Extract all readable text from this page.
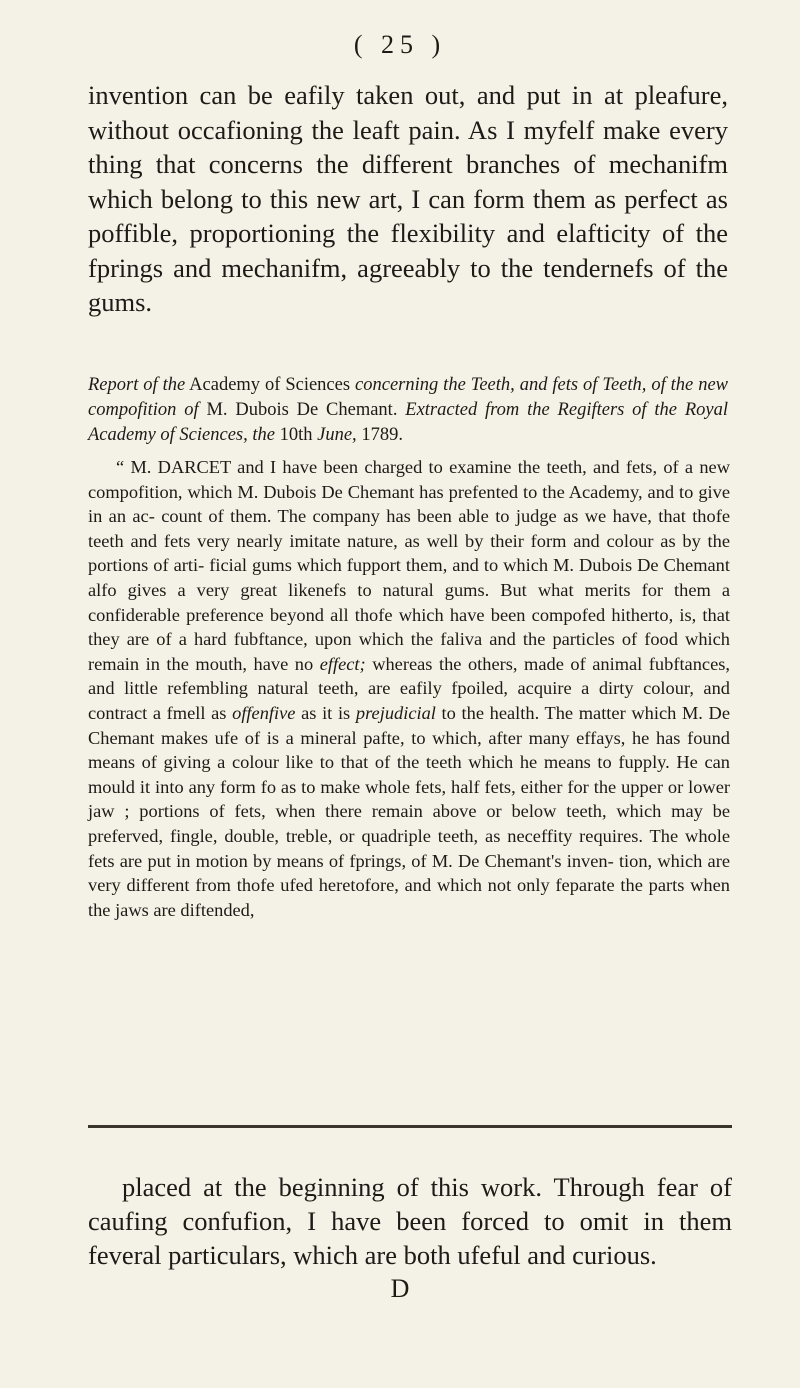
( 25 )

invention can be eafily taken out, and put in at pleafure, without occafioning the leaft pain. As I myfelf make every thing that concerns the different branches of mechanifm which belong to this new art, I can form them as perfect as poffible, proportioning the flexibility and elafticity of the fprings and mechanifm, agreeably to the tendernefs of the gums.

Report of the Academy of Sciences concerning the Teeth, and fets of Teeth, of the new compofition of M. Dubois De Chemant. Extracted from the Regifters of the Royal Academy of Sciences, the 10th June, 1789.

“ M. DARCET and I have been charged to examine the teeth, and fets, of a new compofition, which M. Dubois De Chemant has prefented to the Academy, and to give in an ac- count of them. The company has been able to judge as we have, that thofe teeth and fets very nearly imitate nature, as well by their form and colour as by the portions of arti- ficial gums which fupport them, and to which M. Dubois De Chemant alfo gives a very great likenefs to natural gums. But what merits for them a confiderable preference beyond all thofe which have been compofed hitherto, is, that they are of a hard fubftance, upon which the faliva and the particles of food which remain in the mouth, have no effect; whereas the others, made of animal fubftances, and little refembling natural teeth, are eafily fpoiled, acquire a dirty colour, and contract a fmell as offenfive as it is prejudicial to the health. The matter which M. De Chemant makes ufe of is a mineral pafte, to which, after many effays, he has found means of giving a colour like to that of the teeth which he means to fupply. He can mould it into any form fo as to make whole fets, half fets, either for the upper or lower jaw ; portions of fets, when there remain above or below teeth, which may be preferved, fingle, double, treble, or quadriple teeth, as neceffity requires. The whole fets are put in motion by means of fprings, of M. De Chemant's inven- tion, which are very different from thofe ufed heretofore, and which not only feparate the parts when the jaws are diftended,

placed at the beginning of this work. Through fear of caufing confufion, I have been forced to omit in them feveral particulars, which are both ufeful and curious.

D
